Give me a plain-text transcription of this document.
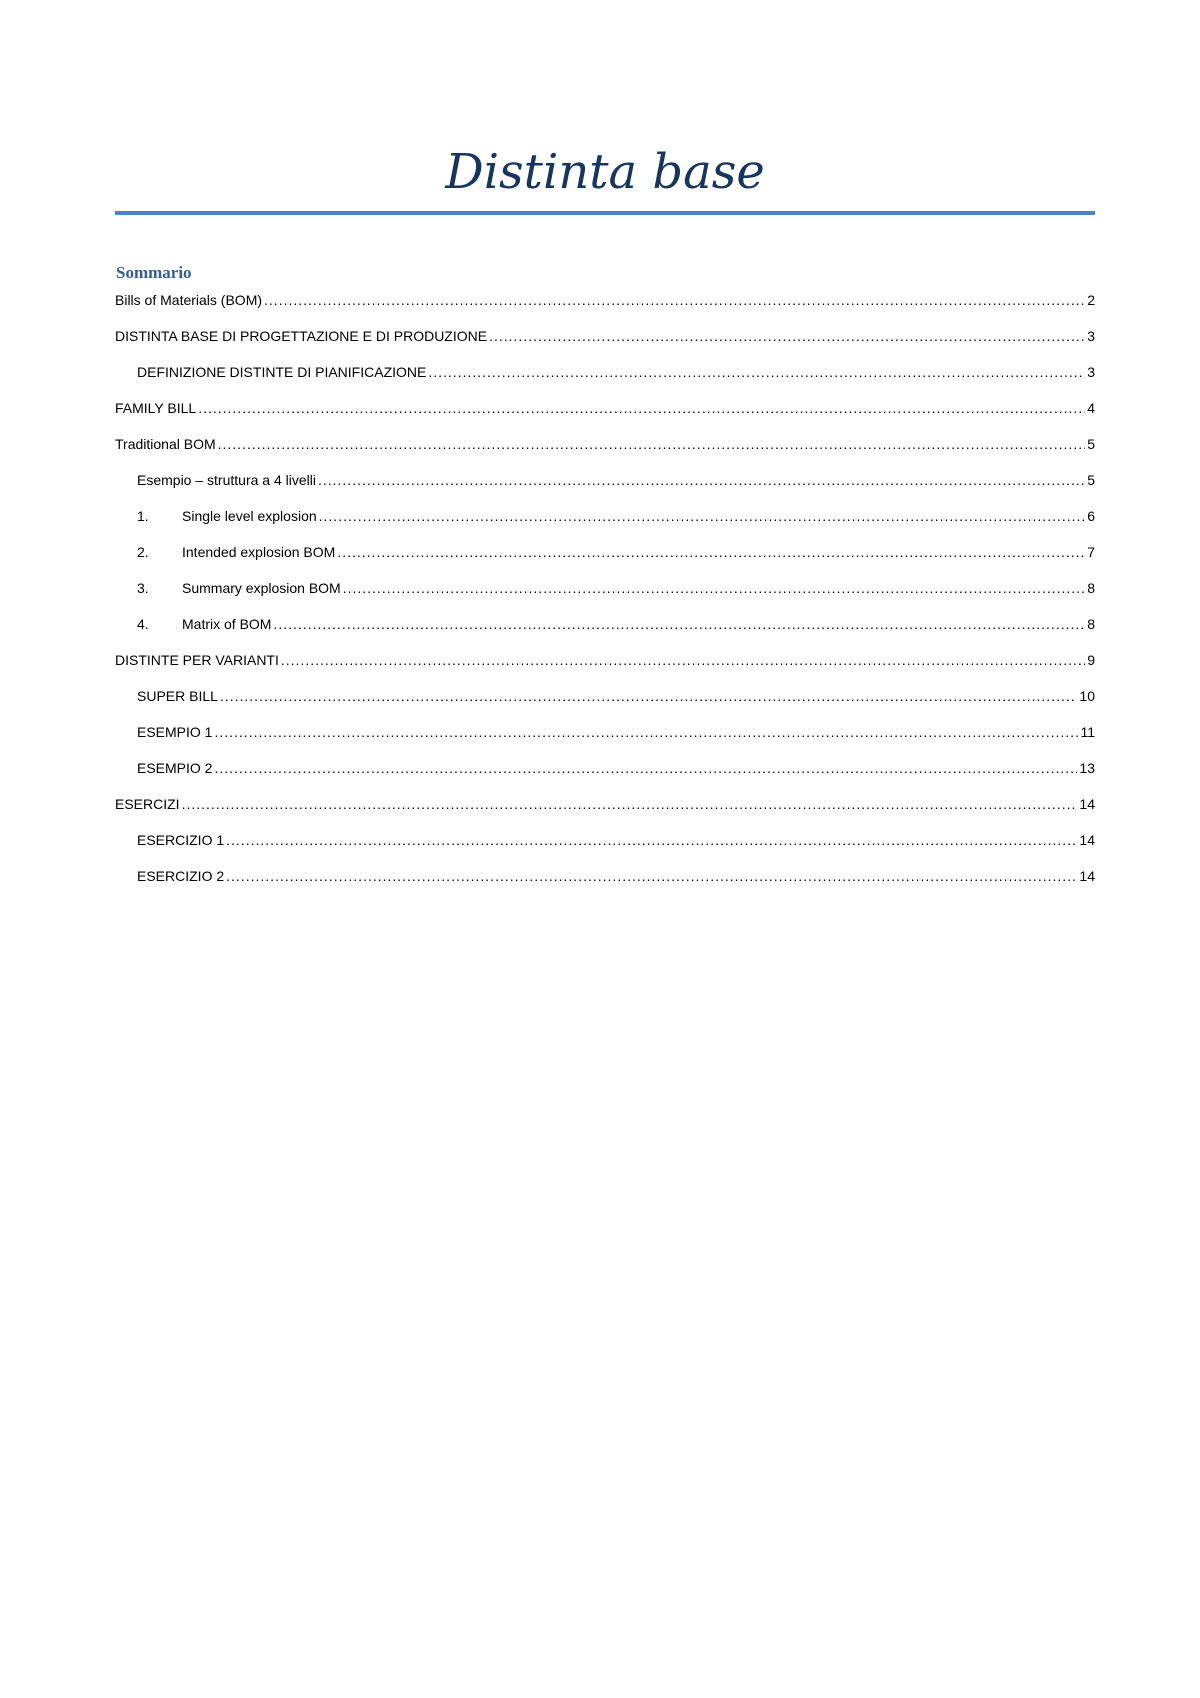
Distinta base
Sommario
Bills of Materials (BOM) .....	2
DISTINTA BASE DI PROGETTAZIONE E DI PRODUZIONE .....	3
DEFINIZIONE DISTINTE DI PIANIFICAZIONE .....	3
FAMILY BILL .....	4
Traditional BOM .....	5
Esempio – struttura a 4 livelli .....	5
1.	Single level explosion .....	6
2.	Intended explosion BOM .....	7
3.	Summary explosion BOM .....	8
4.	Matrix of BOM .....	8
DISTINTE PER VARIANTI .....	9
SUPER BILL .....	10
ESEMPIO 1 .....	11
ESEMPIO 2 .....	13
ESERCIZI .....	14
ESERCIZIO 1 .....	14
ESERCIZIO 2 .....	14
